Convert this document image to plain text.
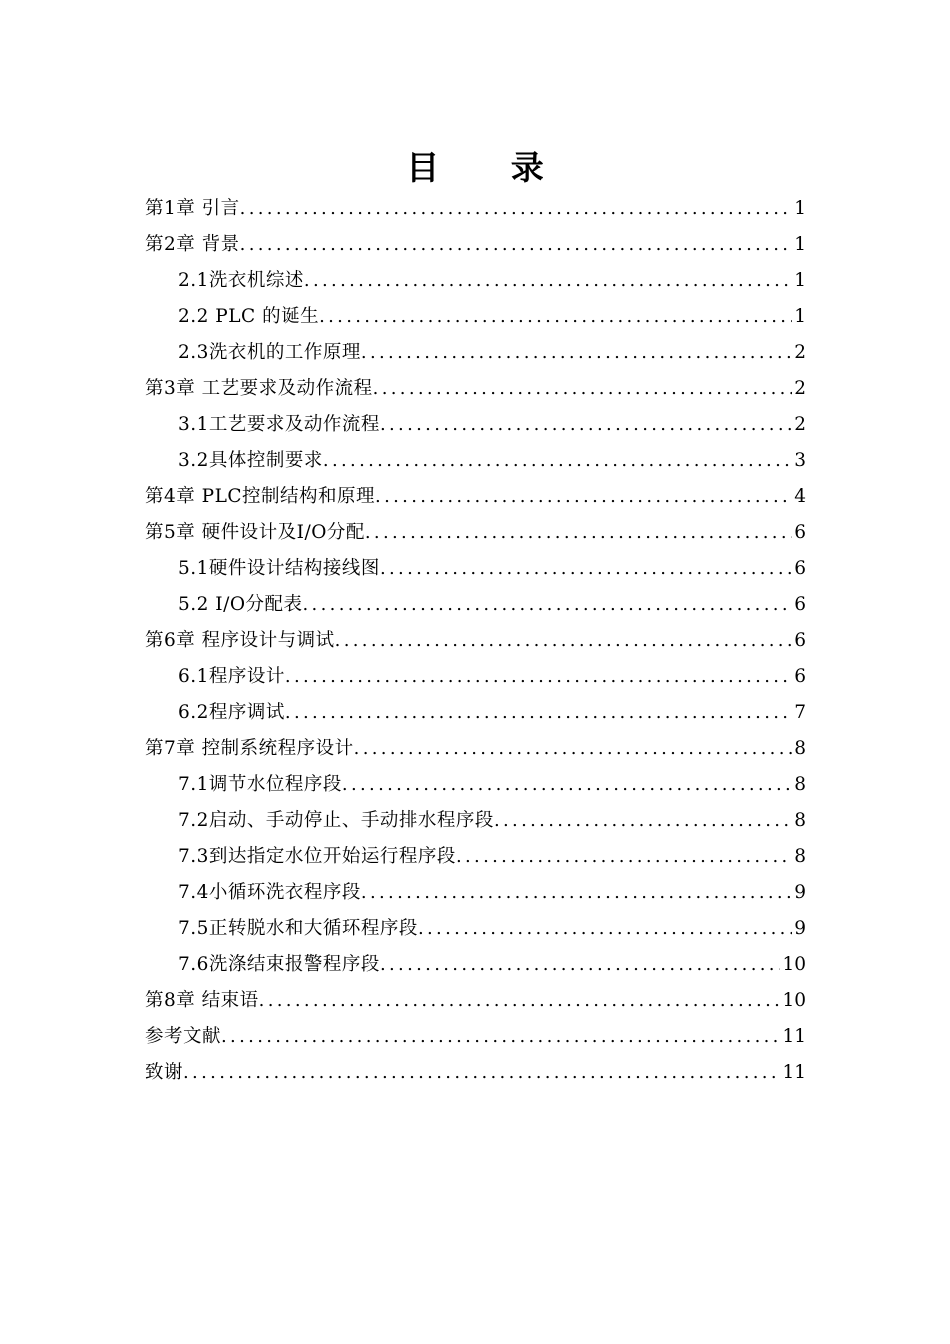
目 录
第1章 引言 . . .	1
第2章 背景 . . .	1
2.1洗衣机综述 . . .	1
2.2 PLC 的诞生 . . .	1
2.3洗衣机的工作原理 . . .	2
第3章 工艺要求及动作流程 . . .	2
3.1工艺要求及动作流程 . . .	2
3.2具体控制要求 . . .	3
第4章 PLC控制结构和原理 . . .	4
第5章 硬件设计及I/O分配 . . .	6
5.1硬件设计结构接线图 . . .	6
5.2 I/O分配表 . . .	6
第6章 程序设计与调试 . . .	6
6.1程序设计 . . .	6
6.2程序调试 . . .	7
第7章 控制系统程序设计 . . .	8
7.1调节水位程序段 . . .	8
7.2启动、手动停止、手动排水程序段 . . .	8
7.3到达指定水位开始运行程序段 . . .	8
7.4小循环洗衣程序段 . . .	9
7.5正转脱水和大循环程序段 . . .	9
7.6洗涤结束报警程序段 . . .	10
第8章 结束语 . . .	10
参考文献 . . .	11
致谢 . . .	11
